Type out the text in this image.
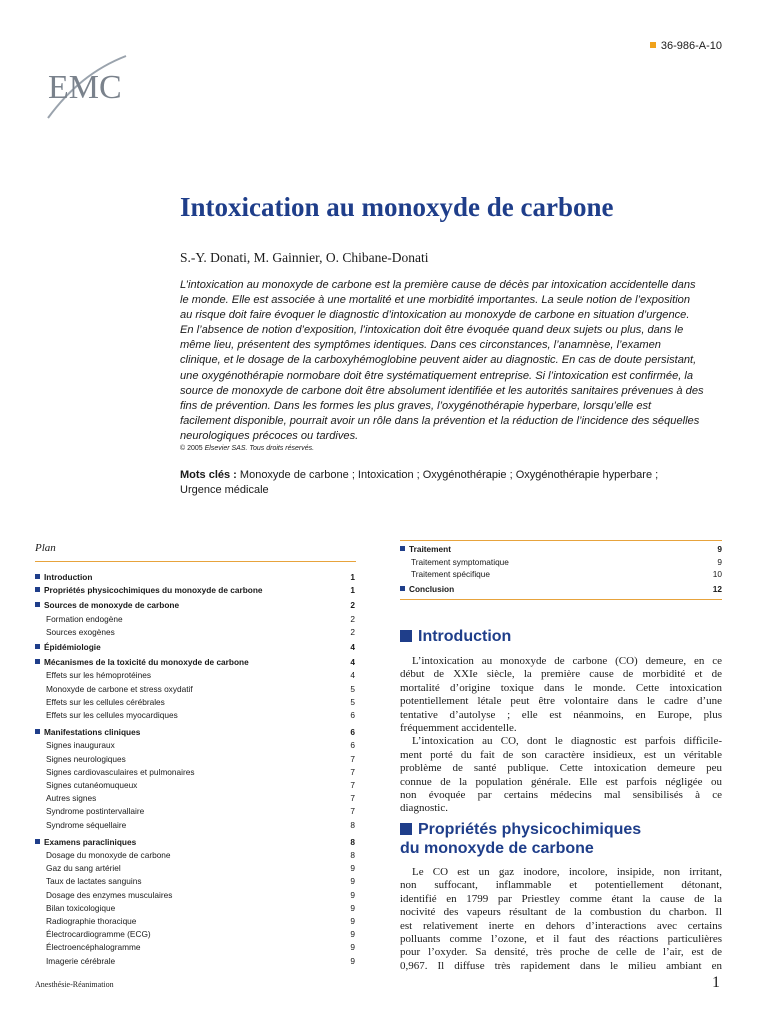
EMC
36-986-A-10
Intoxication au monoxyde de carbone
S.-Y. Donati, M. Gainnier, O. Chibane-Donati
L’intoxication au monoxyde de carbone est la première cause de décès par intoxication accidentelle dans
le monde. Elle est associée à une mortalité et une morbidité importantes. La seule notion de l’exposition
au risque doit faire évoquer le diagnostic d’intoxication au monoxyde de carbone en situation d’urgence.
En l’absence de notion d’exposition, l’intoxication doit être évoquée quand deux sujets ou plus, dans le
même lieu, présentent des symptômes identiques. Dans ces circonstances, l’anamnèse, l’examen
clinique, et le dosage de la carboxyhémoglobine peuvent aider au diagnostic. En cas de doute persistant,
une oxygénothérapie normobare doit être systématiquement entreprise. Si l’intoxication est confirmée, la
source de monoxyde de carbone doit être absolument identifiée et les autorités sanitaires prévenues à des
fins de prévention. Dans les formes les plus graves, l’oxygénothérapie hyperbare, lorsqu’elle est
facilement disponible, pourrait avoir un rôle dans la prévention et la réduction de l’incidence des séquelles
neurologiques précoces ou tardives.
© 2005 Elsevier SAS. Tous droits réservés.
Mots clés : Monoxyde de carbone ; Intoxication ; Oxygénothérapie ; Oxygénothérapie hyperbare ;
Urgence médicale
Plan
Introduction	1
Propriétés physicochimiques du monoxyde de carbone	1
Sources de monoxyde de carbone	2
Formation endogène	2
Sources exogènes	2
Épidémiologie	4
Mécanismes de la toxicité du monoxyde de carbone	4
Effets sur les hémoprotéines	4
Monoxyde de carbone et stress oxydatif	5
Effets sur les cellules cérébrales	5
Effets sur les cellules myocardiques	6
Manifestations cliniques	6
Signes inauguraux	6
Signes neurologiques	7
Signes cardiovasculaires et pulmonaires	7
Signes cutanéomuqueux	7
Autres signes	7
Syndrome postintervallaire	7
Syndrome séquellaire	8
Examens paracliniques	8
Dosage du monoxyde de carbone	8
Gaz du sang artériel	9
Taux de lactates sanguins	9
Dosage des enzymes musculaires	9
Bilan toxicologique	9
Radiographie thoracique	9
Électrocardiogramme (ECG)	9
Électroencéphalogramme	9
Imagerie cérébrale	9
Traitement	9
Traitement symptomatique	9
Traitement spécifique	10
Conclusion	12
Introduction
L’intoxication au monoxyde de carbone (CO) demeure, en ce
début de XXIe siècle, la première cause de morbidité et de
mortalité d’origine toxique dans le monde. Cette intoxication
potentiellement létale peut être volontaire dans le cadre d’une
tentative d’autolyse ; elle est néanmoins, en Europe, plus
fréquemment accidentelle.
L’intoxication au CO, dont le diagnostic est parfois difficile-
ment porté du fait de son caractère insidieux, est un véritable
problème de santé publique. Cette intoxication demeure peu
connue de la population générale. Elle est parfois négligée ou
non évoquée par certains médecins mal sensibilisés à ce
diagnostic.
Propriétés physicochimiques
du monoxyde de carbone
Le CO est un gaz inodore, incolore, insipide, non irritant,
non suffocant, inflammable et potentiellement détonant,
identifié en 1799 par Priestley comme étant la cause de la
nocivité des vapeurs résultant de la combustion du charbon. Il
est relativement inerte en dehors d’interactions avec certains
polluants comme l’ozone, et il faut des réactions particulières
pour l’oxyder. Sa densité, très proche de celle de l’air, est de
0,967. Il diffuse très rapidement dans le milieu ambiant en
Anesthésie-Réanimation	1
